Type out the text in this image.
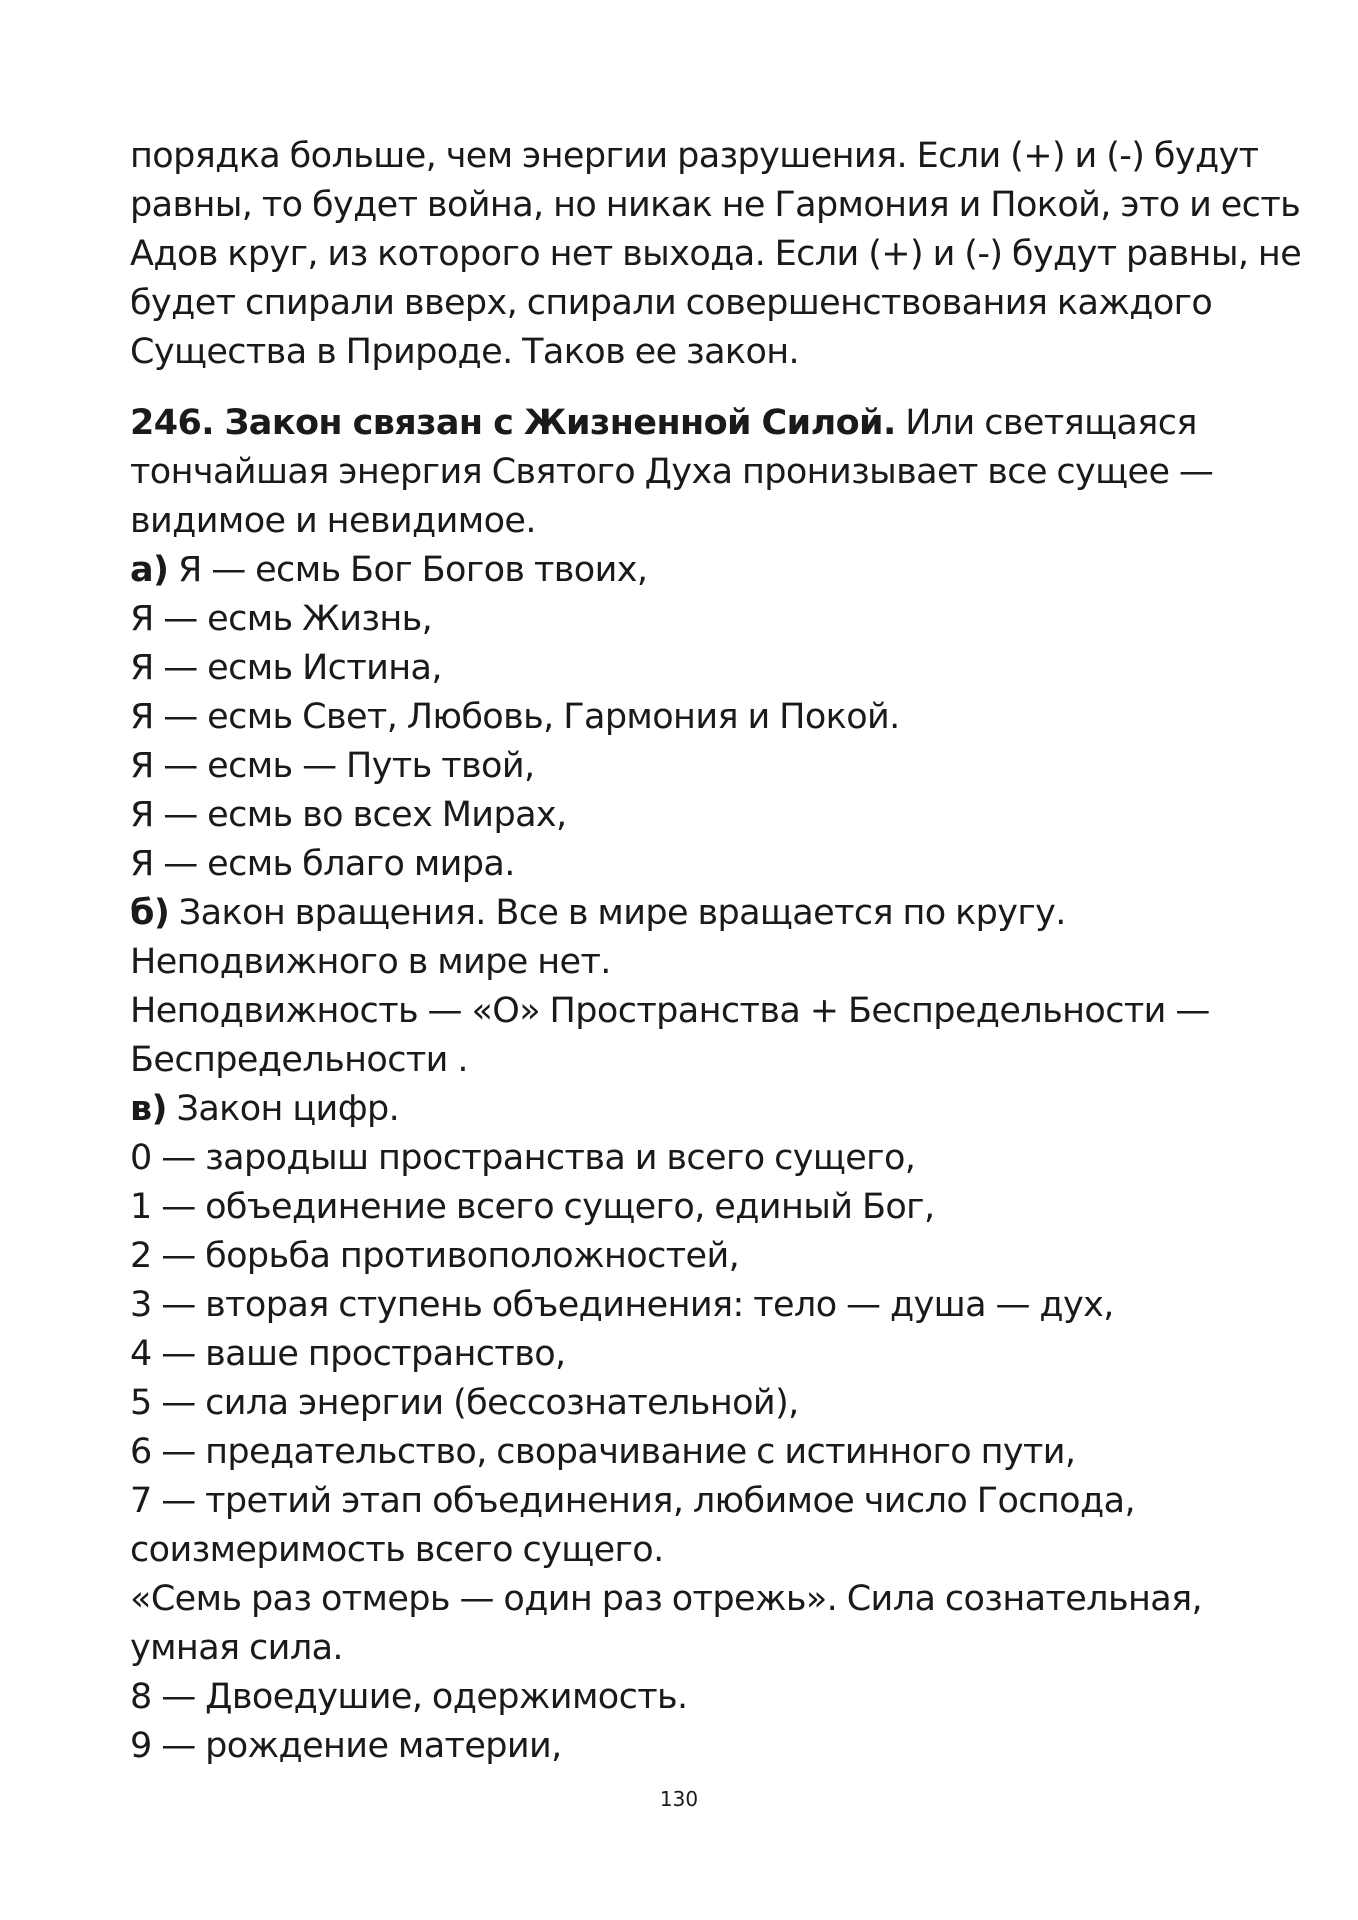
порядка больше, чем энергии разрушения. Если (+) и (-) будут
равны, то будет война, но никак не Гармония и Покой, это и есть
Адов круг, из которого нет выхода. Если (+) и (-) будут равны, не
будет спирали вверх, спирали совершенствования каждого
Существа в Природе. Таков ее закон.
246. Закон связан с Жизненной Силой. Или светящаяся
тончайшая энергия Святого Духа пронизывает все сущее —
видимое и невидимое.
а) Я — есмь Бог Богов твоих,
Я — есмь Жизнь,
Я — есмь Истина,
Я — есмь Свет, Любовь, Гармония и Покой.
Я — есмь — Путь твой,
Я — есмь во всех Мирах,
Я — есмь благо мира.
б) Закон вращения. Все в мире вращается по кругу.
Неподвижного в мире нет.
Неподвижность — «О» Пространства + Беспредельности —
Беспредельности .
в) Закон цифр.
0 — зародыш пространства и всего сущего,
1 — объединение всего сущего, единый Бог,
2 — борьба противоположностей,
3 — вторая ступень объединения: тело — душа — дух,
4 — ваше пространство,
5 — сила энергии (бессознательной),
6 — предательство, сворачивание с истинного пути,
7 — третий этап объединения, любимое число Господа,
соизмеримость всего сущего.
«Семь раз отмерь — один раз отрежь». Сила сознательная,
умная сила.
8 — Двоедушие, одержимость.
9 — рождение материи,
130
